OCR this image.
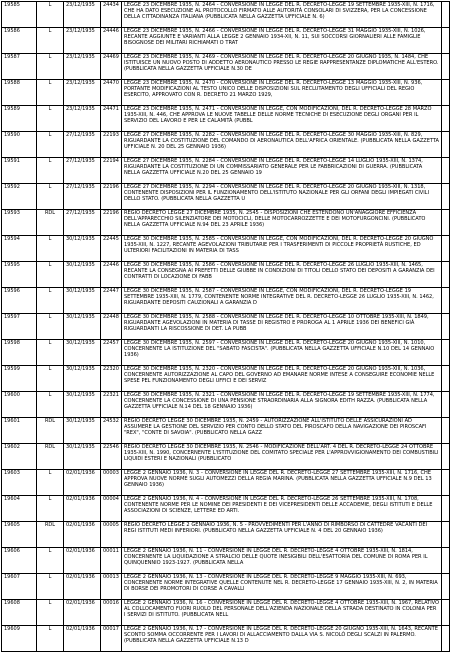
19585	L	23/12/1935	24434	LEGGE 23 DICEMBRE 1935, N. 2464 - CONVERSIONE IN LEGGE DEL R. DECRETO-LEGGE 19 SETTEMBRE 1935-XIII, N. 1716, CHE HA DATO ESECUZIONE AL PROTOCOLLO FIRMATO ALLE AUTORITÀ CONSOLARI DI SVIZZERA, PER LA CONCESSIONE DELLA CITTADINANZA ITALIANA (PUBBLICATA NELLA GAZZETTA UFFICIALE N. 6)	
19586	L	23/12/1935	24446	LEGGE 23 DICEMBRE 1935, N. 2466 - CONVERSIONE IN LEGGE DEL R. DECRETO-LEGGE 31 MAGGIO 1935-XIII, N. 1026, RECANTE AGGIUNTE E VARIANTI ALLA LEGGE 2 GENNAIO 1934-XII, N. 11, SUI SOCCORSI GIORNALIERI ALLE FAMIGLIE BISOGNOSE DEI MILITARI RICHIAMATI O TRAT	
19587	L	23/12/1935	24469	LEGGE 23 DICEMBRE 1935, N. 2469 - CONVERSIONE IN LEGGE DEL R. DECRETO-LEGGE 20 GIUGNO 1935, N. 1484, CHE ISTITUISCE UN NUOVO POSTO DI ADDETTO AERONAUTICO PRESSO LE REGIE RAPPRESENTANZE DIPLOMATICHE ALL'ESTERO. (PUBBLICATA NELLA GAZZETTA UFFICIALE N.30 DE	
19588	L	23/12/1935	24470	LEGGE 23 DICEMBRE 1935, N. 2470 - CONVERSIONE IN LEGGE DEL R. DECRETO-LEGGE 13 MAGGIO 1935-XIII, N. 936, PORTANTE MODIFICAZIONI AL TESTO UNICO DELLE DISPOSIZIONI SUL RECLUTAMENTO DEGLI UFFICIALI DEL REGIO ESERCITO, APPROVATO CON R. DECRETO 21 MARZO 1929,	
19589	L	23/12/1935	24471	LEGGE 23 DICEMBRE 1935, N. 2471 - CONVERSIONE IN LEGGE, CON MODIFICAZIONI, DEL R. DECRETO-LEGGE 28 MARZO 1935-XIII, N. 446, CHE APPROVA LE NUOVE TABELLE DELLE NORME TECNICHE DI ESECUZIONE DEGLI ORGANI PER IL SERVIZIO DEL LAVORO E PER LE CALAMITÀ (PUBBL	
19590	L	27/12/1935	22193	LEGGE 27 DICEMBRE 1935, N. 2282 - CONVERSIONE IN LEGGE DEL R. DECRETO-LEGGE 30 MAGGIO 1935-XIII, N. 829, RIGUARDANTE LA COSTITUZIONE DEL COMANDO DI AERONAUTICA DELL'AFRICA ORIENTALE. (PUBBLICATA NELLA GAZZETTA UFFICIALE N. 20 DEL 25 GENNAIO 1936)	
19591	L	27/12/1935	22194	LEGGE 27 DICEMBRE 1935, N. 2284 - CONVERSIONE IN LEGGE DEL R. DECRETO-LEGGE 14 LUGLIO 1935-XIII, N. 1374, RIGUARDANTE LA COSTITUZIONE DI UN COMMISSARIATO GENERALE PER LE FABBRICAZIONI DI GUERRA. (PUBBLICATA NELLA GAZZETTA UFFICIALE N.20 DEL 25 GENNAIO 19	
19592	L	27/12/1935	22196	LEGGE 27 DICEMBRE 1935, N. 2294 - CONVERSIONE IN LEGGE DEL R. DECRETO-LEGGE 20 GIUGNO 1935-XIII, N. 1318, CONTENENTE DISPOSIZIONI PER IL FUNZIONAMENTO DELL'ISTITUTO NAZIONALE PER GLI ORFANI DEGLI IMPIEGATI CIVILI DELLO STATO. (PUBBLICATA NELLA GAZZETTA U	
19593	RDL	27/12/1935	22196	REGIO DECRETO LEGGE 27 DICEMBRE 1935, N. 2545 - DISPOSIZIONI CHE ESTENDONO UN'ANAGGIORE EFFICIENZA DELL'APPARECCHIO SILENZIATORE DEI MOTOCICLI, DELLE MOTOCARROZZETTE E DEI MOTOFURGONCINI. (PUBBLICATO NELLA GAZZETTA UFFICIALE N.94 DEL 23 APRILE 1936)	
19594	L	30/12/1935	22445	LEGGE 30 DICEMBRE 1935, N. 2585 - CONVERSIONE IN LEGGE, CON MODIFICAZIONI, DEL R. DECRETO-LEGGE 20 GIUGNO 1935-XIII, N. 1227, RECANTE AGEVOLAZIONI TRIBUTARIE PER I TRASFERIMENTI DI PICCOLE PROPRIETÀ RUSTICHE, ED ULTERIORI FACILITAZIONI IN MATERIA DI TASS	
19595	L	30/12/1935	22446	LEGGE 30 DICEMBRE 1935, N. 2586 - CONVERSIONE IN LEGGE DEL R. DECRETO-LEGGE 26 LUGLIO 1935-XIII, N. 1465, RECANTE LA CONSEGNA AI PREFETTI DELLE GIUBBE IN CONDIZIONI DI TITOLI DELLO STATO DEI DEPOSITI A GARANZIA DEI CONTRATTI DI LOCAZIONE DI FABB	
19596	L	30/12/1935	22447	LEGGE 30 DICEMBRE 1935, N. 2587 - CONVERSIONE IN LEGGE, CON MODIFICAZIONI, DEL R. DECRETO-LEGGE 19 SETTEMBRE 1935-XIII, N. 1779, CONTENENTE NORME INTEGRATIVE DEL R. DECRETO-LEGGE 26 LUGLIO 1935-XIII, N. 1462, RIGUARDANTE DEPOSITI CAUZIONALI A GARANZIA D	
19597	L	30/12/1935	22448	LEGGE 30 DICEMBRE 1935, N. 2588 - CONVERSIONE IN LEGGE DEL R. DECRETO-LEGGE 10 OTTOBRE 1935-XIII, N. 1849, RIGUARDANTE AGEVOLAZIONI IN MATERIA DI TASSE DI REGISTRO E PROROGA AL 1 APRILE 1936 DEI BENEFICI GIÀ RIGUARDANTI LA RISCOSSIONE DI DET. LA PUBB	
19598	L	30/12/1935	22457	LEGGE 30 DICEMBRE 1935, N. 2597 - CONVERSIONE IN LEGGE DEL R. DECRETO-LEGGE 20 GIUGNO 1935-XIII, N. 1010, CONCERNENTE LA ISTITUZIONE DEL "SABATO FASCISTA". (PUBBLICATA NELLA GAZZETTA UFFICIALE N.10 DEL 14 GENNAIO 1936)	
19599	L	30/12/1935	22320	LEGGE 30 DICEMBRE 1935, N. 2320 - CONVERSIONE IN LEGGE DEL R. DECRETO-LEGGE 20 GIUGNO 1935-XIII, N. 1036, CONCERNENTE AUTORIZZAZIONE AL CAPO DEL GOVERNO AD EMANARE NORME INTESE A CONSEGUIRE ECONOMIE NELLE SPESE PEL FUNZIONAMENTO DEGLI UFFICI E DEI SERVIZ	
19600	L	30/12/1935	22321	LEGGE 30 DICEMBRE 1935, N. 2321 - CONVERSIONE IN LEGGE DEL R. DECRETO-LEGGE 19 SETTEMBRE 1935-XIII, N. 1774, CONCERNENTE LA CONCESSIONE DI UNA PENSIONE STRAORDINARIA ALLA SIGNORA EDITH RAZZA. (PUBBLICATA NELLA GAZZETTA UFFICIALE N.14 DEL 18 GENNAIO 1936)	
19601	RDL	30/12/1935	24532	REGIO DECRETO LEGGE 30 DICEMBRE 1935, N. 2459 - AUTORIZZAZIONE ALL'ISTITUTO DELLE ASSICURAZIONI AD ASSUMERE LA GESTIONE DEL SERVIZIO PER CONTO DELLO STATO DEL PIROSCAFO DELLA NAVIGAZIONE DEI PIROSCAFI "REX", "CONTE DI SAVOIA". (PUBBLICATO NELLA GAZZ	
19602	RDL	30/12/1935	22546	REGIO DECRETO LEGGE 30 DICEMBRE 1935, N. 2546 - MODIFICAZIONE DELL'ART. 4 DEL R. DECRETO-LEGGE 24 OTTOBRE 1935-XIII, N. 1990, CONCERNENTE L'ISTITUZIONE DEL COMITATO SPECIALE PER L'APPROVVIGIONAMENTO DEI COMBUSTIBILI LIQUIDI ESTERI E NAZIONALI (PUBBLICATO	
19603	L	02/01/1936	00003	LEGGE 2 GENNAIO 1936, N. 3 - CONVERSIONE IN LEGGE DEL R. DECRETO-LEGGE 27 SETTEMBRE 1935-XIII, N. 1716, CHE APPROVA NUOVE NORME SUGLI AUTOMEZZI DELLA REGIA MARINA. (PUBBLICATA NELLA GAZZETTA UFFICIALE N.9 DEL 13 GENNAIO 1936)	
19604	L	02/01/1936	00004	LEGGE 2 GENNAIO 1936, N. 4 - CONVERSIONE IN LEGGE DEL R. DECRETO-LEGGE 26 SETTEMBRE 1935-XIII, N. 1708, CONTENENTE NORME PER LE NOMINE DEI PRESIDENTI E DEI VICEPRESIDENTI DELLE ACCADEMIE, DEGLI ISTITUTI E DELLE ASSOCIAZIONI DI SCIENZE, LETTERE ED ARTI.	
19605	RDL	02/01/1936	00005	REGIO DECRETO LEGGE 2 GENNAIO 1936, N. 5 - PROVVEDIMENTI PER L'ANNO DI RIMBORSO DI CATTEDRE VACANTI DEI REGI ISTITUTI MEDI INFERIORI. (PUBBLICATO NELLA GAZZETTA UFFICIALE N. 4 DEL 20 GENNAIO 1936)	
19606	L	02/01/1936	00011	LEGGE 2 GENNAIO 1936, N. 11 - CONVERSIONE IN LEGGE DEL R. DECRETO-LEGGE 4 OTTOBRE 1935-XIII, N. 1814, CONCERNENTE LA LIQUIDAZIONE A STRALCIO DELLE QUOTE INESIGIBILI DELL'ESATTORIA DEL COMUNE DI ROMA PER IL QUINQUENNIO 1923-1927. (PUBBLICATA NELLA	
19607	L	02/01/1936	00013	LEGGE 2 GENNAIO 1936, N. 13 - CONVERSIONE IN LEGGE DEL R. DECRETO-LEGGE 9 MAGGIO 1935-XIII, N. 693, CONCERNENTE NORME INTEGRATIVE QUELLE CONTENUTE NEL R. DECRETO-LEGGE 17 GENNAIO 1935-XIII, N. 2, IN MATERIA DI BORSE DEI PROMOTORI DI CORSE A CAVALLI	
19608	L	02/01/1936	00016	LEGGE 2 GENNAIO 1936, N. 16 - CONVERSIONE IN LEGGE DEL R. DECRETO-LEGGE 4 OTTOBRE 1935-XIII, N. 1967, RELATIVO AL COLLOCAMENTO FUORI RUOLO DEL PERSONALE DELL'AZIENDA NAZIONALE DELLA STRADA DESTINATO IN COLONIA PER I SERVIZI DI ISTITUTO. (PUBBLICATA NELL	
19609	L	02/01/1936	00017	LEGGE 2 GENNAIO 1936, N. 17 - CONVERSIONE IN LEGGE DEL R. DECRETO-LEGGE 20 GIUGNO 1935-XIII, N. 1643, RECANTE SCONTO SOMMA OCCORRENTE PER I LAVORI DI ALLACCIAMENTO DALLA VIA S. NICOLÒ DEGLI SCALZI IN PALERMO. (PUBBLICATA NELLA GAZZETTA UFFICIALE N.13 D	
